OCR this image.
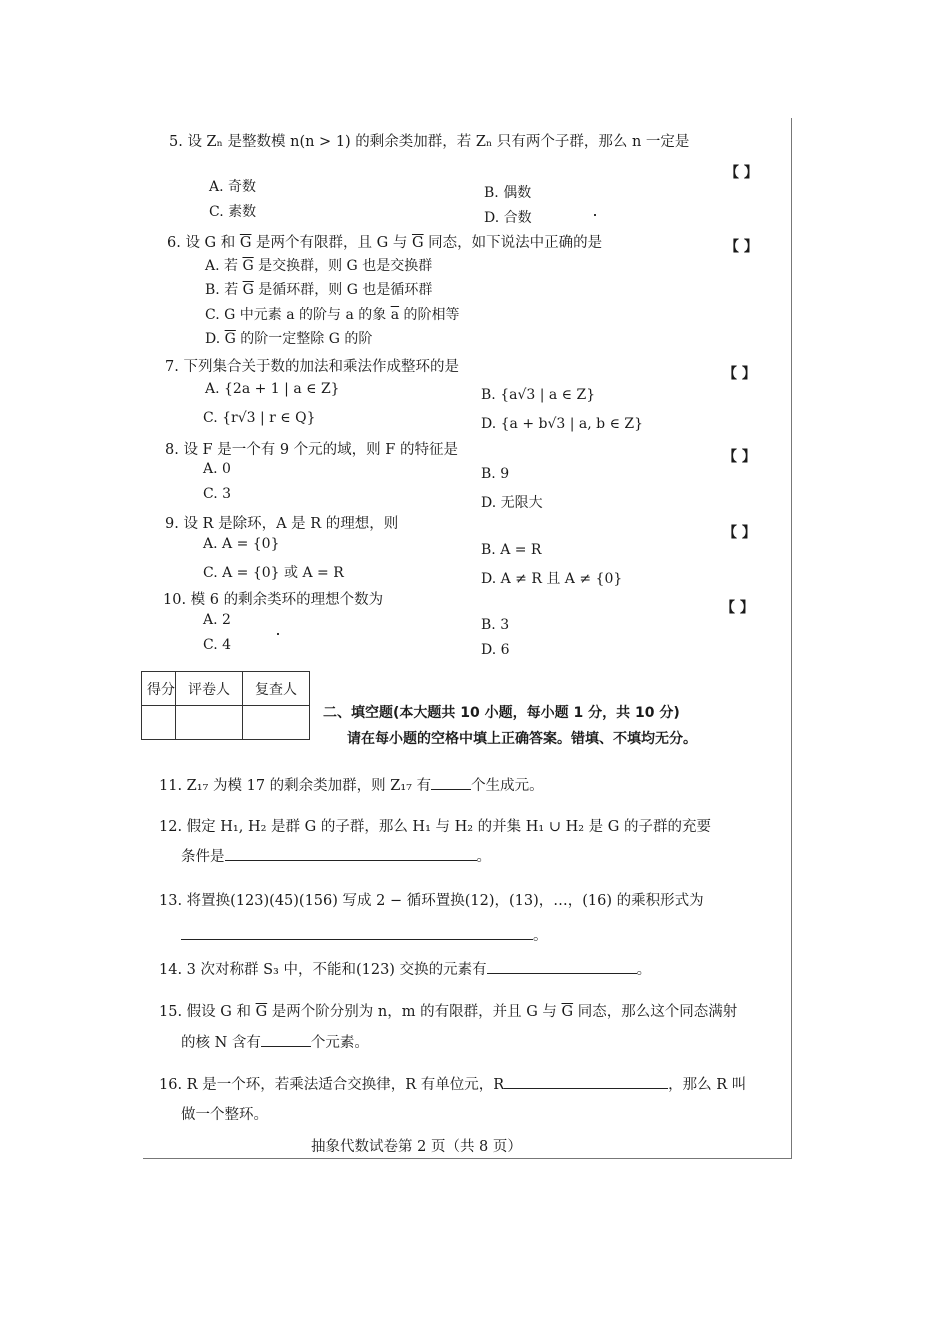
5. 设 Zₙ 是整数模 n(n > 1) 的剩余类加群，若 Zₙ 只有两个子群，那么 n 一定是
【 】
A. 奇数	B. 偶数
C. 素数	D. 合数
6. 设 G 和 $\overline{G}$ 是两个有限群，且 G 与 $\overline{G}$ 同态，如下说法中正确的是	【 】
A. 若 $\overline{G}$ 是交换群，则 G 也是交换群
B. 若 $\overline{G}$ 是循环群，则 G 也是循环群
C. G 中元素 a 的阶与 a 的象 $\overline{a}$ 的阶相等
D. $\overline{G}$ 的阶一定整除 G 的阶
7. 下列集合关于数的加法和乘法作成整环的是	【 】
A. {2a + 1 | a ∈ Z}	B. {a√3 | a ∈ Z}
C. {r√3 | r ∈ Q}	D. {a + b√3 | a, b ∈ Z}
8. 设 F 是一个有 9 个元的域，则 F 的特征是	【 】
A. 0	B. 9
C. 3
D. 无限大
9. 设 R 是除环，A 是 R 的理想，则
【 】
A. A = {0}	B. A = R
C. A = {0} 或 A = R	D. A ≠ R 且 A ≠ {0}
10. 模 6 的剩余类环的理想个数为	【 】
A. 2	B. 3
C. 4	D. 6
得分	评卷人	复查人

二、填空题(本大题共 10 小题，每小题 1 分，共 10 分)
请在每小题的空格中填上正确答案。错填、不填均无分。
11. Z₁₇ 为模 17 的剩余类加群，则 Z₁₇ 有	个生成元。
12. 假定 H₁, H₂ 是群 G 的子群，那么 H₁ 与 H₂ 的并集 H₁ ∪ H₂ 是 G 的子群的充要
条件是	。
13. 将置换(123)(45)(156) 写成 2 − 循环置换(12)，(13)，…，(16) 的乘积形式为
。
14. 3 次对称群 S₃ 中，不能和(123) 交换的元素有	。
15. 假设 G 和 $\overline{G}$ 是两个阶分别为 n，m 的有限群，并且 G 与 $\overline{G}$ 同态，那么这个同态满射
的核 N 含有	个元素。
16. R 是一个环，若乘法适合交换律，R 有单位元，R	，那么 R 叫
做一个整环。
抽象代数试卷第 2 页（共 8 页）
